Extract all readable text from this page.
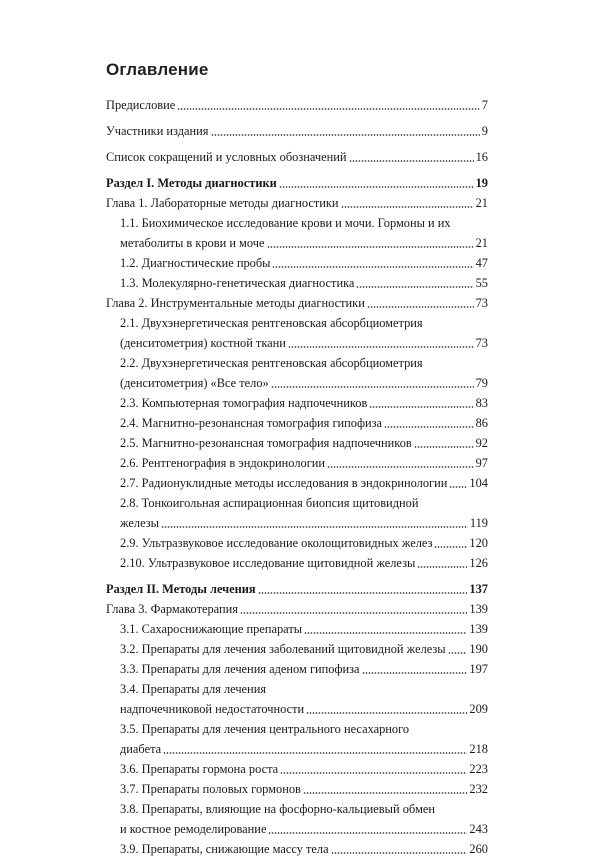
Оглавление
Предисловие	7
Участники издания	9
Список сокращений и условных обозначений	16
Раздел I. Методы диагностики	19
Глава 1. Лабораторные методы диагностики	21
1.1. Биохимическое исследование крови и мочи. Гормоны и их
метаболиты в крови и моче	21
1.2. Диагностические пробы	47
1.3. Молекулярно-генетическая диагностика	55
Глава 2. Инструментальные методы диагностики	73
2.1. Двухэнергетическая рентгеновская абсорбциометрия
(денситометрия) костной ткани	73
2.2. Двухэнергетическая рентгеновская абсорбциометрия
(денситометрия) «Все тело»	79
2.3. Компьютерная томография надпочечников	83
2.4. Магнитно-резонансная томография гипофиза	86
2.5. Магнитно-резонансная томография надпочечников	92
2.6. Рентгенография в эндокринологии	97
2.7. Радионуклидные методы исследования в эндокринологии 104
2.8. Тонкоигольная аспирационная биопсия щитовидной
железы	119
2.9. Ультразвуковое исследование околощитовидных желез	120
2.10. Ультразвуковое исследование щитовидной железы	126
Раздел II. Методы лечения	137
Глава 3. Фармакотерапия	139
3.1. Сахароснижающие препараты	139
3.2. Препараты для лечения заболеваний щитовидной железы 190
3.3. Препараты для лечения аденом гипофиза	197
3.4. Препараты для лечения
надпочечниковой недостаточности	209
3.5. Препараты для лечения центрального несахарного
диабета	218
3.6. Препараты гормона роста	223
3.7. Препараты половых гормонов	232
3.8. Препараты, влияющие на фосфорно-кальциевый обмен
и костное ремоделирование	243
3.9. Препараты, снижающие массу тела	260
